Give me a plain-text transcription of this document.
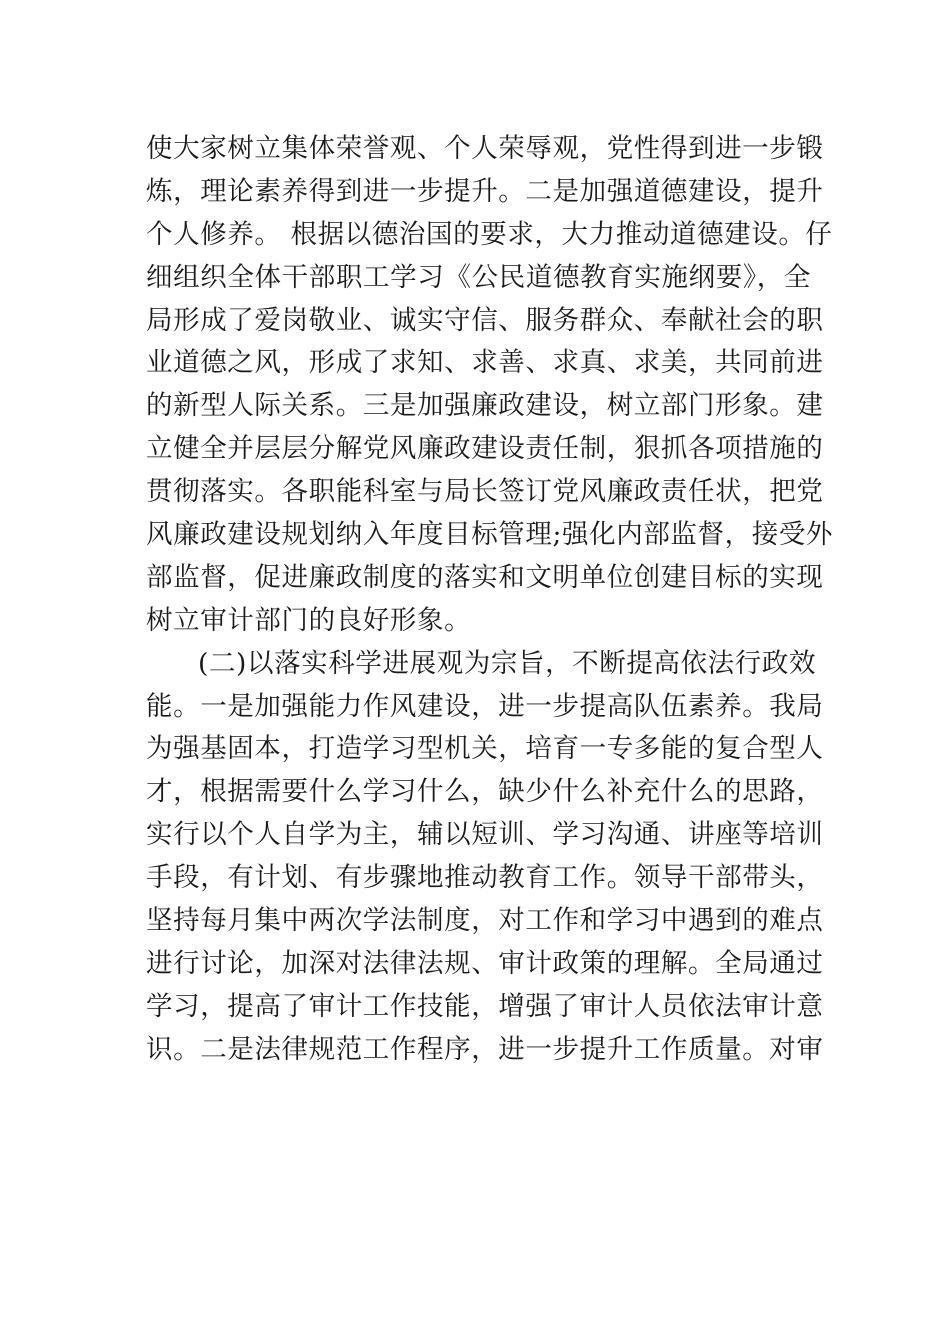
使大家树立集体荣誉观、个人荣辱观，党性得到进一步锻
炼，理论素养得到进一步提升。二是加强道德建设，提升
个人修养。 根据以德治国的要求，大力推动道德建设。仔
细组织全体干部职工学习《公民道德教育实施纲要》，全
局形成了爱岗敬业、诚实守信、服务群众、奉献社会的职
业道德之风，形成了求知、求善、求真、求美，共同前进
的新型人际关系。三是加强廉政建设，树立部门形象。建
立健全并层层分解党风廉政建设责任制，狠抓各项措施的
贯彻落实。各职能科室与局长签订党风廉政责任状，把党
风廉政建设规划纳入年度目标管理;强化内部监督，接受外
部监督，促进廉政制度的落实和文明单位创建目标的实现
树立审计部门的良好形象。
(二)以落实科学进展观为宗旨，不断提高依法行政效
能。一是加强能力作风建设，进一步提高队伍素养。我局
为强基固本，打造学习型机关，培育一专多能的复合型人
才，根据需要什么学习什么，缺少什么补充什么的思路，
实行以个人自学为主，辅以短训、学习沟通、讲座等培训
手段，有计划、有步骤地推动教育工作。领导干部带头，
坚持每月集中两次学法制度，对工作和学习中遇到的难点
进行讨论，加深对法律法规、审计政策的理解。全局通过
学习，提高了审计工作技能，增强了审计人员依法审计意
识。二是法律规范工作程序，进一步提升工作质量。对审
